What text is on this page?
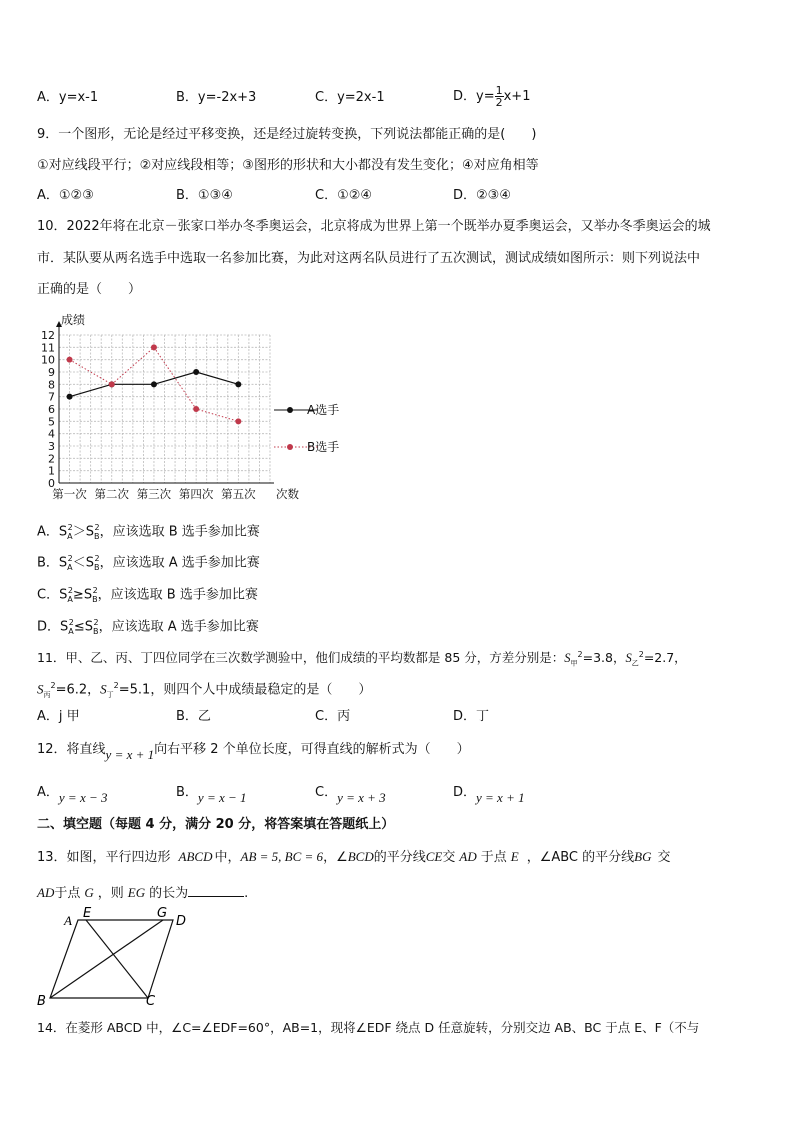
A．y=x-1	B．y=-2x+3	C．y=2x-1	D．$y= \frac{1}{2} x+1$
9．一个图形，无论是经过平移变换，还是经过旋转变换，下列说法都能正确的是(　　)
①对应线段平行；②对应线段相等；③图形的形状和大小都没有发生变化；④对应角相等
A．①②③	B．①③④	C．①②④	D．②③④
10．2022年将在北京－张家口举办冬季奥运会，北京将成为世界上第一个既举办夏季奥运会，又举办冬季奥运会的城
市．某队要从两名选手中选取一名参加比赛，为此对这两名队员进行了五次测试，测试成绩如图所示：则下列说法中
正确的是（　　）
0
1
2
3
4
5
6
7
8
9
10
11
12
成绩
第一次 第二次 第三次 第四次 第五次 次数
A选手
B选手
A．$S_A^2>S_B^2$，应该选取 B 选手参加比赛
B．$S_A^2<S_B^2$，应该选取 A 选手参加比赛
C．$S_A^2\ge S_B^2$，应该选取 B 选手参加比赛
D．$S_A^2\le S_B^2$，应该选取 A 选手参加比赛
11．甲、乙、丙、丁四位同学在三次数学测验中，他们成绩的平均数都是 85 分，方差分别是：$S_甲^2=3.8$，$S_乙^2=2.7$，
$S_丙^2=6.2$，$S_丁^2=5.1$，则四个人中成绩最稳定的是（　　）
A．j 甲	B．乙	C．丙	D．丁
12．将直线y = x + 1向右平移 2 个单位长度，可得直线的解析式为（　　）
A．y = x − 3	B．y = x − 1	C．y = x + 3	D．y = x + 1
二、填空题（每题 4 分，满分 20 分，将答案填在答题纸上）
13．如图，平行四边形 ABCD 中，AB = 5, BC = 6，∠BCD的平分线CE交 AD 于点 E ，∠ABC 的平分线BG 交
AD于点 G ，则 EG 的长为	.
A E	G
D
B	C
14．在菱形 ABCD 中，∠C=∠EDF=60°，AB=1，现将∠EDF 绕点 D 任意旋转，分别交边 AB、BC 于点 E、F（不与
